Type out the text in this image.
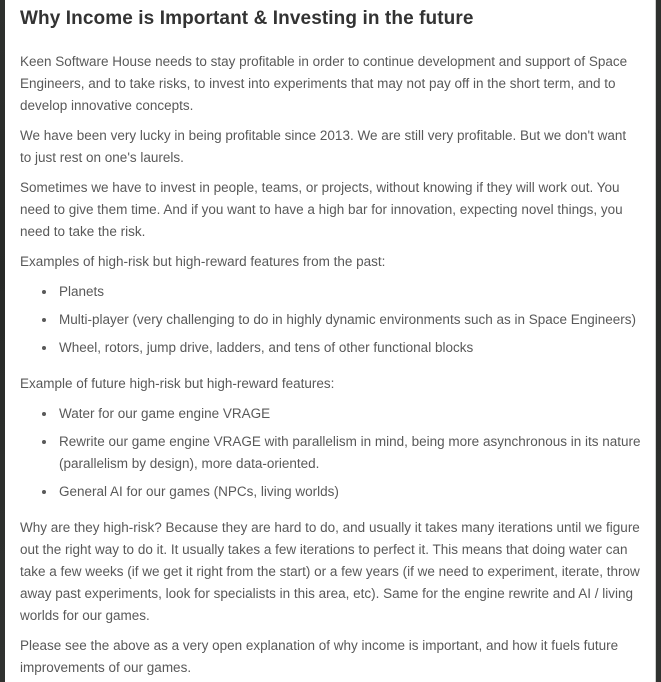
Why Income is Important & Investing in the future

Keen Software House needs to stay profitable in order to continue development and support of Space Engineers, and to take risks, to invest into experiments that may not pay off in the short term, and to develop innovative concepts.

We have been very lucky in being profitable since 2013. We are still very profitable. But we don't want to just rest on one's laurels.

Sometimes we have to invest in people, teams, or projects, without knowing if they will work out. You need to give them time. And if you want to have a high bar for innovation, expecting novel things, you need to take the risk.

Examples of high-risk but high-reward features from the past:

• Planets
• Multi-player (very challenging to do in highly dynamic environments such as in Space Engineers)
• Wheel, rotors, jump drive, ladders, and tens of other functional blocks

Example of future high-risk but high-reward features:

• Water for our game engine VRAGE
• Rewrite our game engine VRAGE with parallelism in mind, being more asynchronous in its nature (parallelism by design), more data-oriented.
• General AI for our games (NPCs, living worlds)

Why are they high-risk? Because they are hard to do, and usually it takes many iterations until we figure out the right way to do it. It usually takes a few iterations to perfect it. This means that doing water can take a few weeks (if we get it right from the start) or a few years (if we need to experiment, iterate, throw away past experiments, look for specialists in this area, etc). Same for the engine rewrite and AI / living worlds for our games.

Please see the above as a very open explanation of why income is important, and how it fuels future improvements of our games.
